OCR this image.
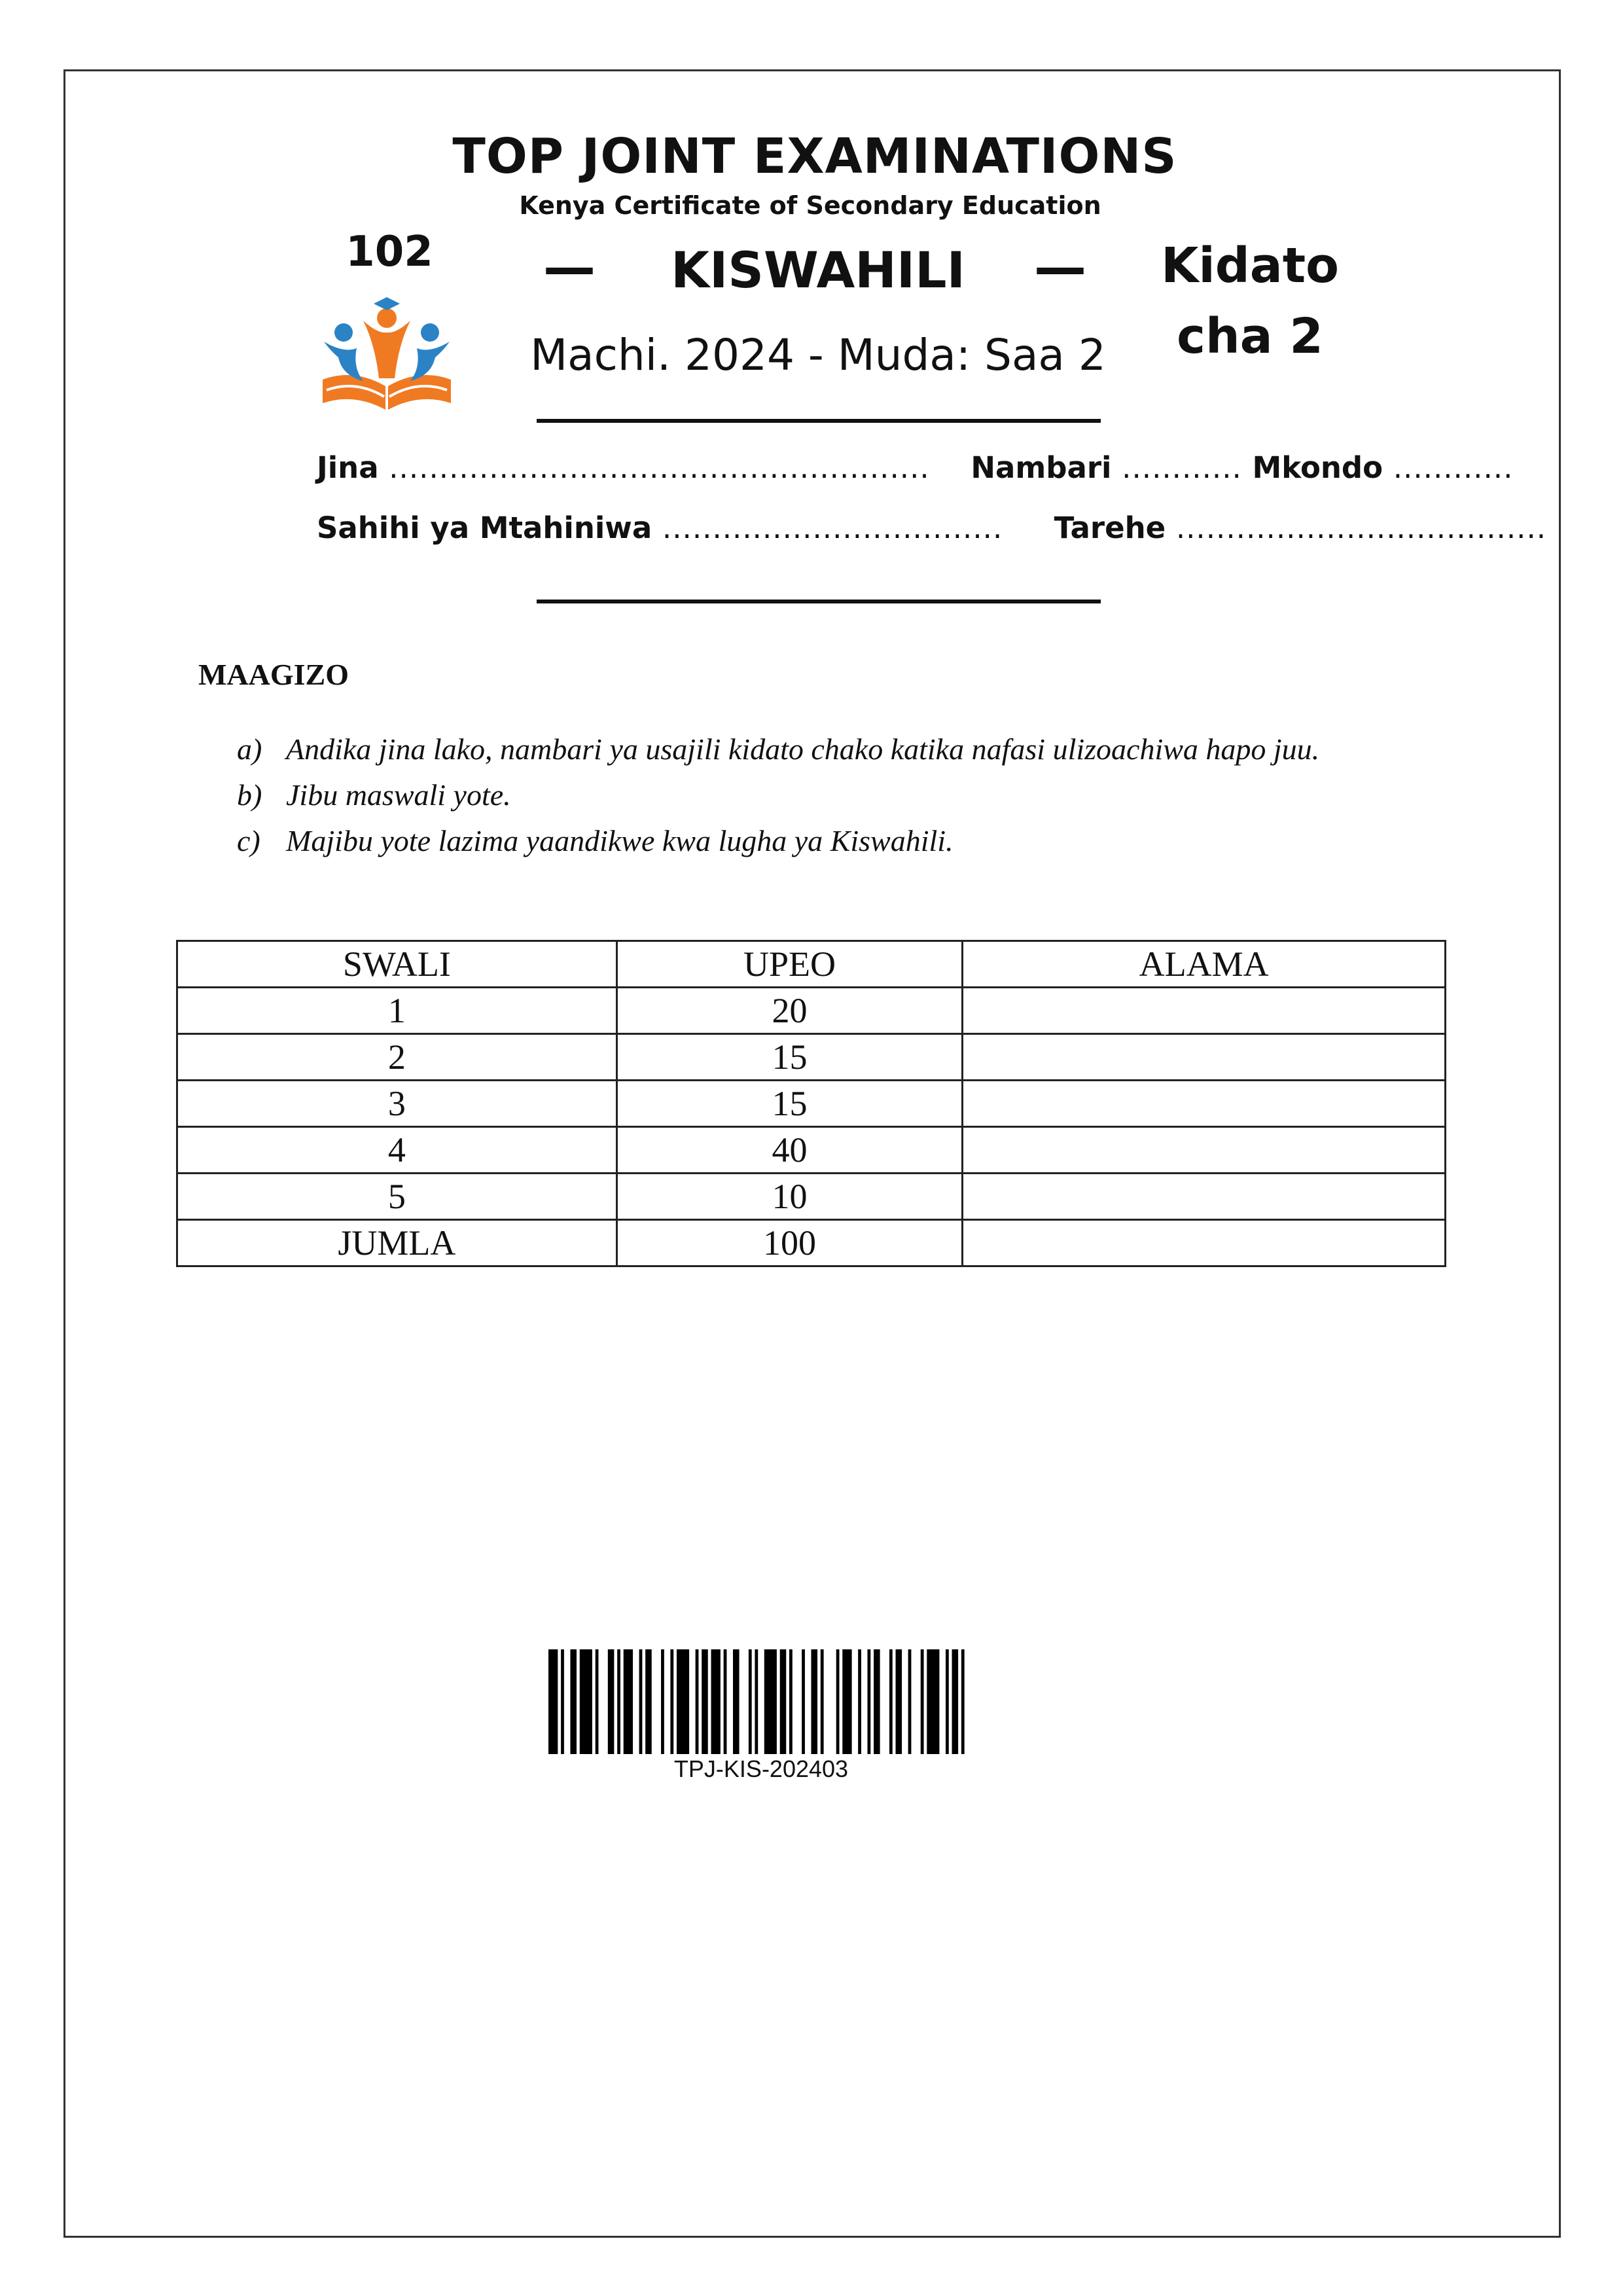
TOP JOINT EXAMINATIONS
Kenya Certificate of Secondary Education
102	—	KISWAHILI	—	Kidato cha 2
Machi. 2024 - Muda: Saa 2
Jina ...................................................... Nambari ............ Mkondo ............
Sahihi ya Mtahiniwa .................................. Tarehe .....................................
MAAGIZO
a) Andika jina lako, nambari ya usajili kidato chako katika nafasi ulizoachiwa hapo juu.
b) Jibu maswali yote.
c) Majibu yote lazima yaandikwe kwa lugha ya Kiswahili.
SWALI	UPEO	ALAMA
1	20	
2	15	
3	15	
4	40	
5	10	
JUMLA	100	
TPJ-KIS-202403
